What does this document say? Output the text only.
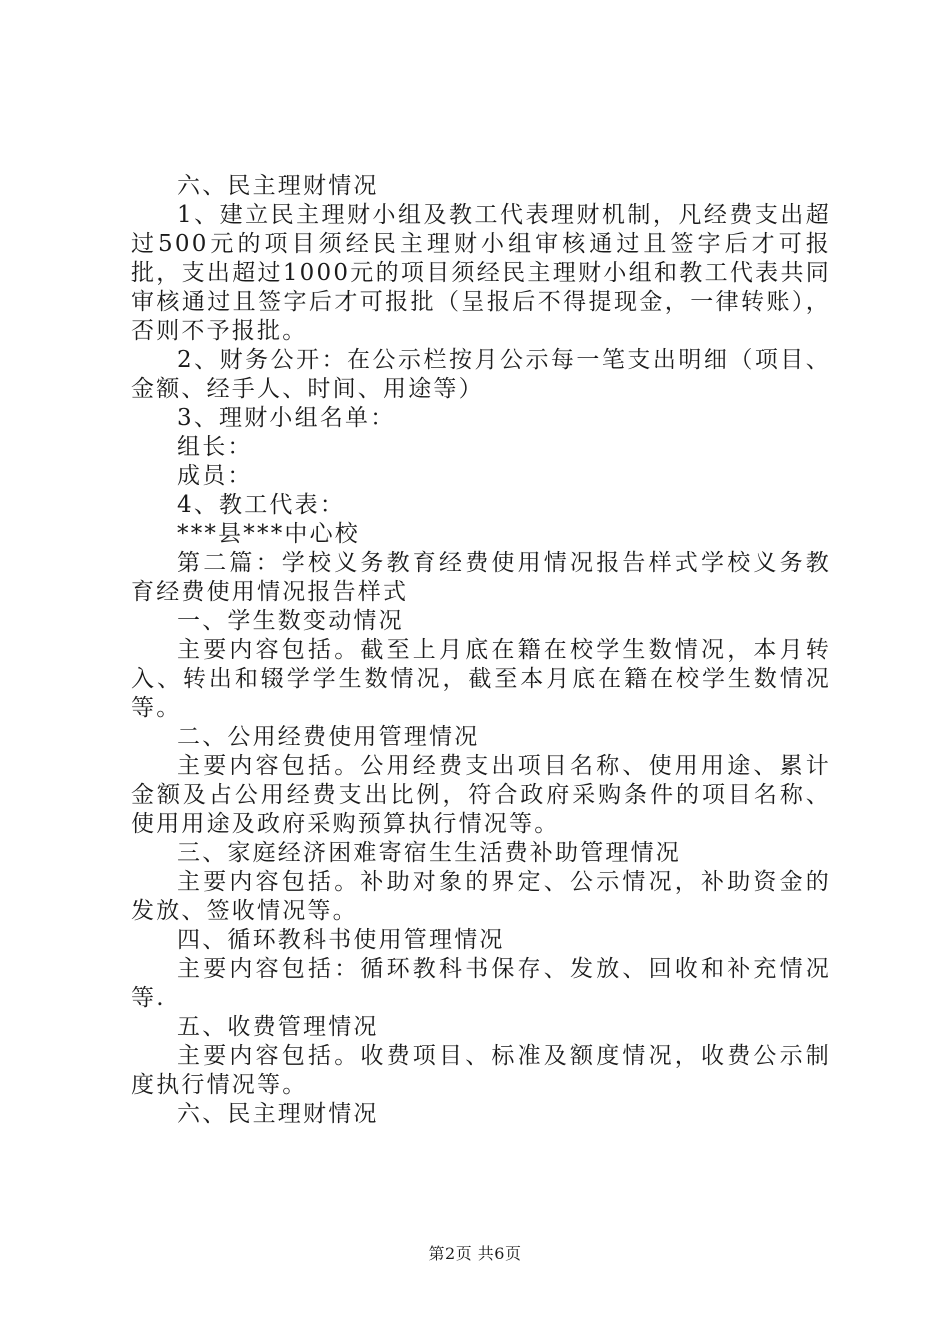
六、民主理财情况

1、建立民主理财小组及教工代表理财机制，凡经费支出超过500元的项目须经民主理财小组审核通过且签字后才可报批，支出超过1000元的项目须经民主理财小组和教工代表共同审核通过且签字后才可报批（呈报后不得提现金，一律转账），否则不予报批。

2、财务公开：在公示栏按月公示每一笔支出明细（项目、金额、经手人、时间、用途等）

3、理财小组名单：

组长：

成员：

4、教工代表：

***县***中心校

第二篇：学校义务教育经费使用情况报告样式学校义务教育经费使用情况报告样式

一、学生数变动情况

主要内容包括。截至上月底在籍在校学生数情况，本月转入、转出和辍学学生数情况，截至本月底在籍在校学生数情况等。

二、公用经费使用管理情况

主要内容包括。公用经费支出项目名称、使用用途、累计金额及占公用经费支出比例，符合政府采购条件的项目名称、使用用途及政府采购预算执行情况等。

三、家庭经济困难寄宿生生活费补助管理情况

主要内容包括。补助对象的界定、公示情况，补助资金的发放、签收情况等。

四、循环教科书使用管理情况

主要内容包括：循环教科书保存、发放、回收和补充情况等.

五、收费管理情况

主要内容包括。收费项目、标准及额度情况，收费公示制度执行情况等。

六、民主理财情况

第2页 共6页
